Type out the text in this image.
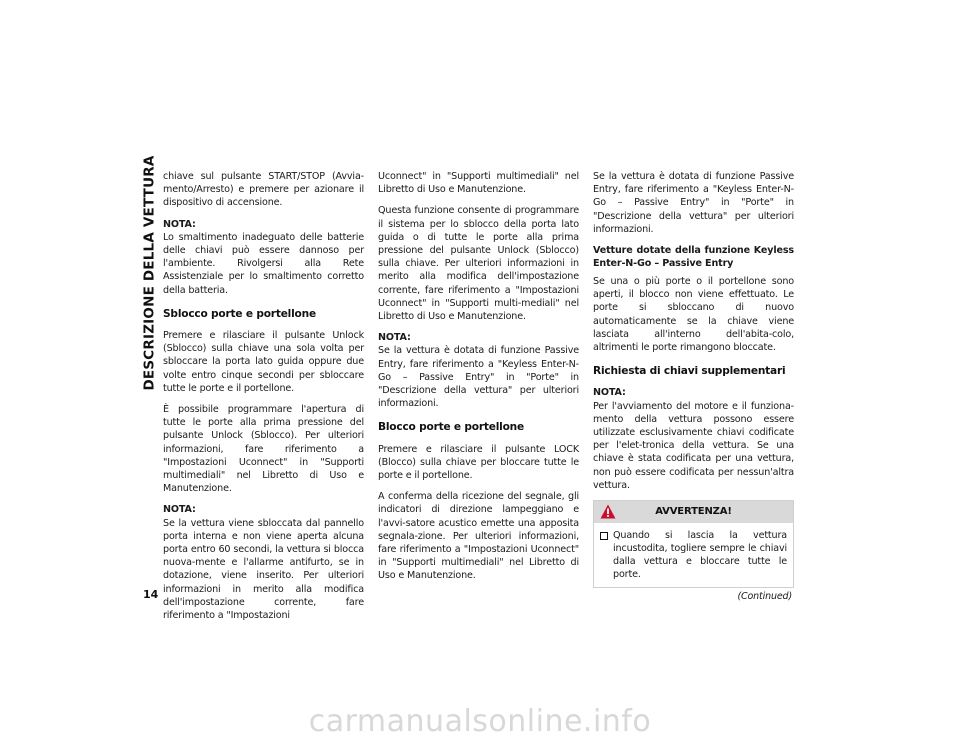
DESCRIZIONE DELLA VETTURA
14

chiave sul pulsante START/STOP (Avvia-mento/Arresto) e premere per azionare il dispositivo di accensione.

NOTA:
Lo smaltimento inadeguato delle batterie delle chiavi può essere dannoso per l'ambiente. Rivolgersi alla Rete Assistenziale per lo smaltimento corretto della batteria.

Sblocco porte e portellone

Premere e rilasciare il pulsante Unlock (Sblocco) sulla chiave una sola volta per sbloccare la porta lato guida oppure due volte entro cinque secondi per sbloccare tutte le porte e il portellone.

È possibile programmare l'apertura di tutte le porte alla prima pressione del pulsante Unlock (Sblocco). Per ulteriori informazioni, fare riferimento a "Impostazioni Uconnect" in "Supporti multimediali" nel Libretto di Uso e Manutenzione.

NOTA:
Se la vettura viene sbloccata dal pannello porta interna e non viene aperta alcuna porta entro 60 secondi, la vettura si blocca nuova-mente e l'allarme antifurto, se in dotazione, viene inserito. Per ulteriori informazioni in merito alla modifica dell'impostazione corrente, fare riferimento a "Impostazioni

Uconnect" in "Supporti multimediali" nel Libretto di Uso e Manutenzione.

Questa funzione consente di programmare il sistema per lo sblocco della porta lato guida o di tutte le porte alla prima pressione del pulsante Unlock (Sblocco) sulla chiave. Per ulteriori informazioni in merito alla modifica dell'impostazione corrente, fare riferimento a "Impostazioni Uconnect" in "Supporti multi-mediali" nel Libretto di Uso e Manutenzione.

NOTA:
Se la vettura è dotata di funzione Passive Entry, fare riferimento a "Keyless Enter-N-Go – Passive Entry" in "Porte" in "Descrizione della vettura" per ulteriori informazioni.

Blocco porte e portellone

Premere e rilasciare il pulsante LOCK (Blocco) sulla chiave per bloccare tutte le porte e il portellone.

A conferma della ricezione del segnale, gli indicatori di direzione lampeggiano e l'avvi-satore acustico emette una apposita segnala-zione. Per ulteriori informazioni, fare riferimento a "Impostazioni Uconnect" in "Supporti multimediali" nel Libretto di Uso e Manutenzione.

Se la vettura è dotata di funzione Passive Entry, fare riferimento a "Keyless Enter-N-Go – Passive Entry" in "Porte" in "Descrizione della vettura" per ulteriori informazioni.

Vetture dotate della funzione Keyless Enter-N-Go – Passive Entry

Se una o più porte o il portellone sono aperti, il blocco non viene effettuato. Le porte si sbloccano di nuovo automaticamente se la chiave viene lasciata all'interno dell'abita-colo, altrimenti le porte rimangono bloccate.

Richiesta di chiavi supplementari

NOTA:
Per l'avviamento del motore e il funziona-mento della vettura possono essere utilizzate esclusivamente chiavi codificate per l'elet-tronica della vettura. Se una chiave è stata codificata per una vettura, non può essere codificata per nessun'altra vettura.

AVVERTENZA!
Quando si lascia la vettura incustodita, togliere sempre le chiavi dalla vettura e bloccare tutte le porte.
(Continued)
carmanualsonline.info
